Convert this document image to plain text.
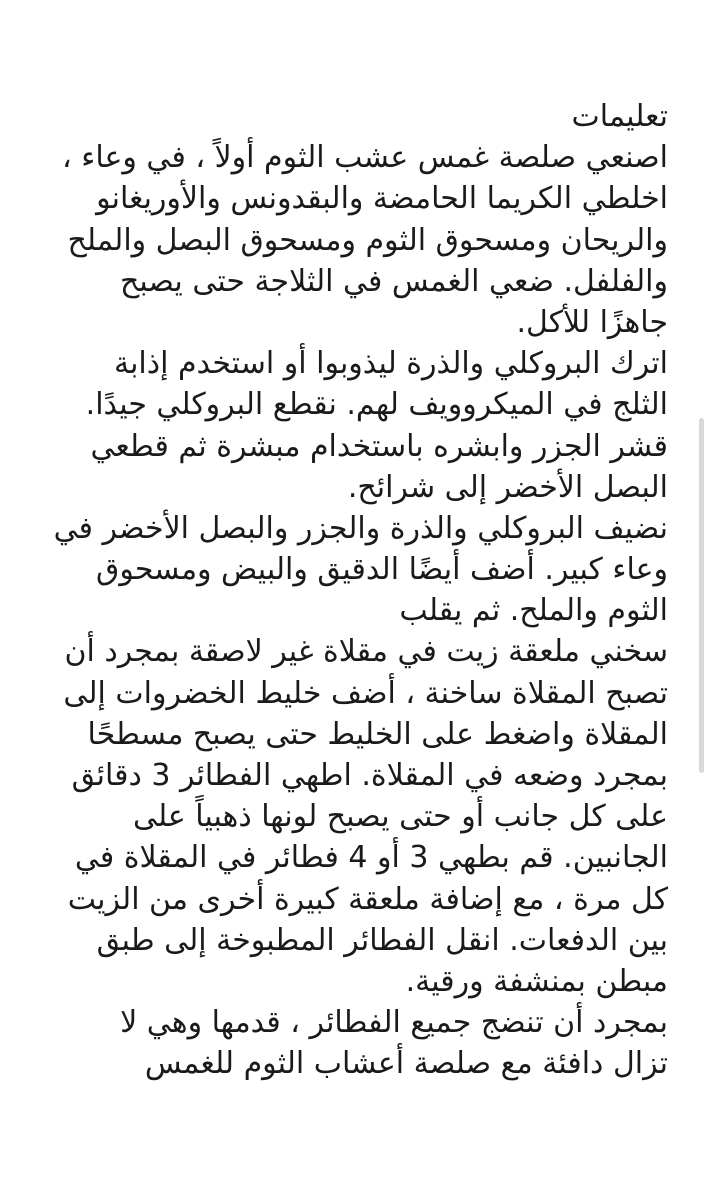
تعليمات
اصنعي صلصة غمس عشب الثوم أولاً ، في وعاء ،
اخلطي الكريما الحامضة والبقدونس والأوريغانو
والريحان ومسحوق الثوم ومسحوق البصل والملح
والفلفل. ضعي الغمس في الثلاجة حتى يصبح
جاهزًا للأكل.
اترك البروكلي والذرة ليذوبوا أو استخدم إذابة
الثلج في الميكروويف لهم. نقطع البروكلي جيدًا.
قشر الجزر وابشره باستخدام مبشرة ثم قطعي
البصل الأخضر إلى شرائح.
نضيف البروكلي والذرة والجزر والبصل الأخضر في
وعاء كبير. أضف أيضًا الدقيق والبيض ومسحوق
الثوم والملح. ثم يقلب
سخني ملعقة زيت في مقلاة غير لاصقة بمجرد أن
تصبح المقلاة ساخنة ، أضف خليط الخضروات إلى
المقلاة واضغط على الخليط حتى يصبح مسطحًا
بمجرد وضعه في المقلاة. اطهي الفطائر 3 دقائق
على كل جانب أو حتى يصبح لونها ذهبياً على
الجانبين. قم بطهي 3 أو 4 فطائر في المقلاة في
كل مرة ، مع إضافة ملعقة كبيرة أخرى من الزيت
بين الدفعات. انقل الفطائر المطبوخة إلى طبق
مبطن بمنشفة ورقية.
بمجرد أن تنضج جميع الفطائر ، قدمها وهي لا
تزال دافئة مع صلصة أعشاب الثوم للغمس
